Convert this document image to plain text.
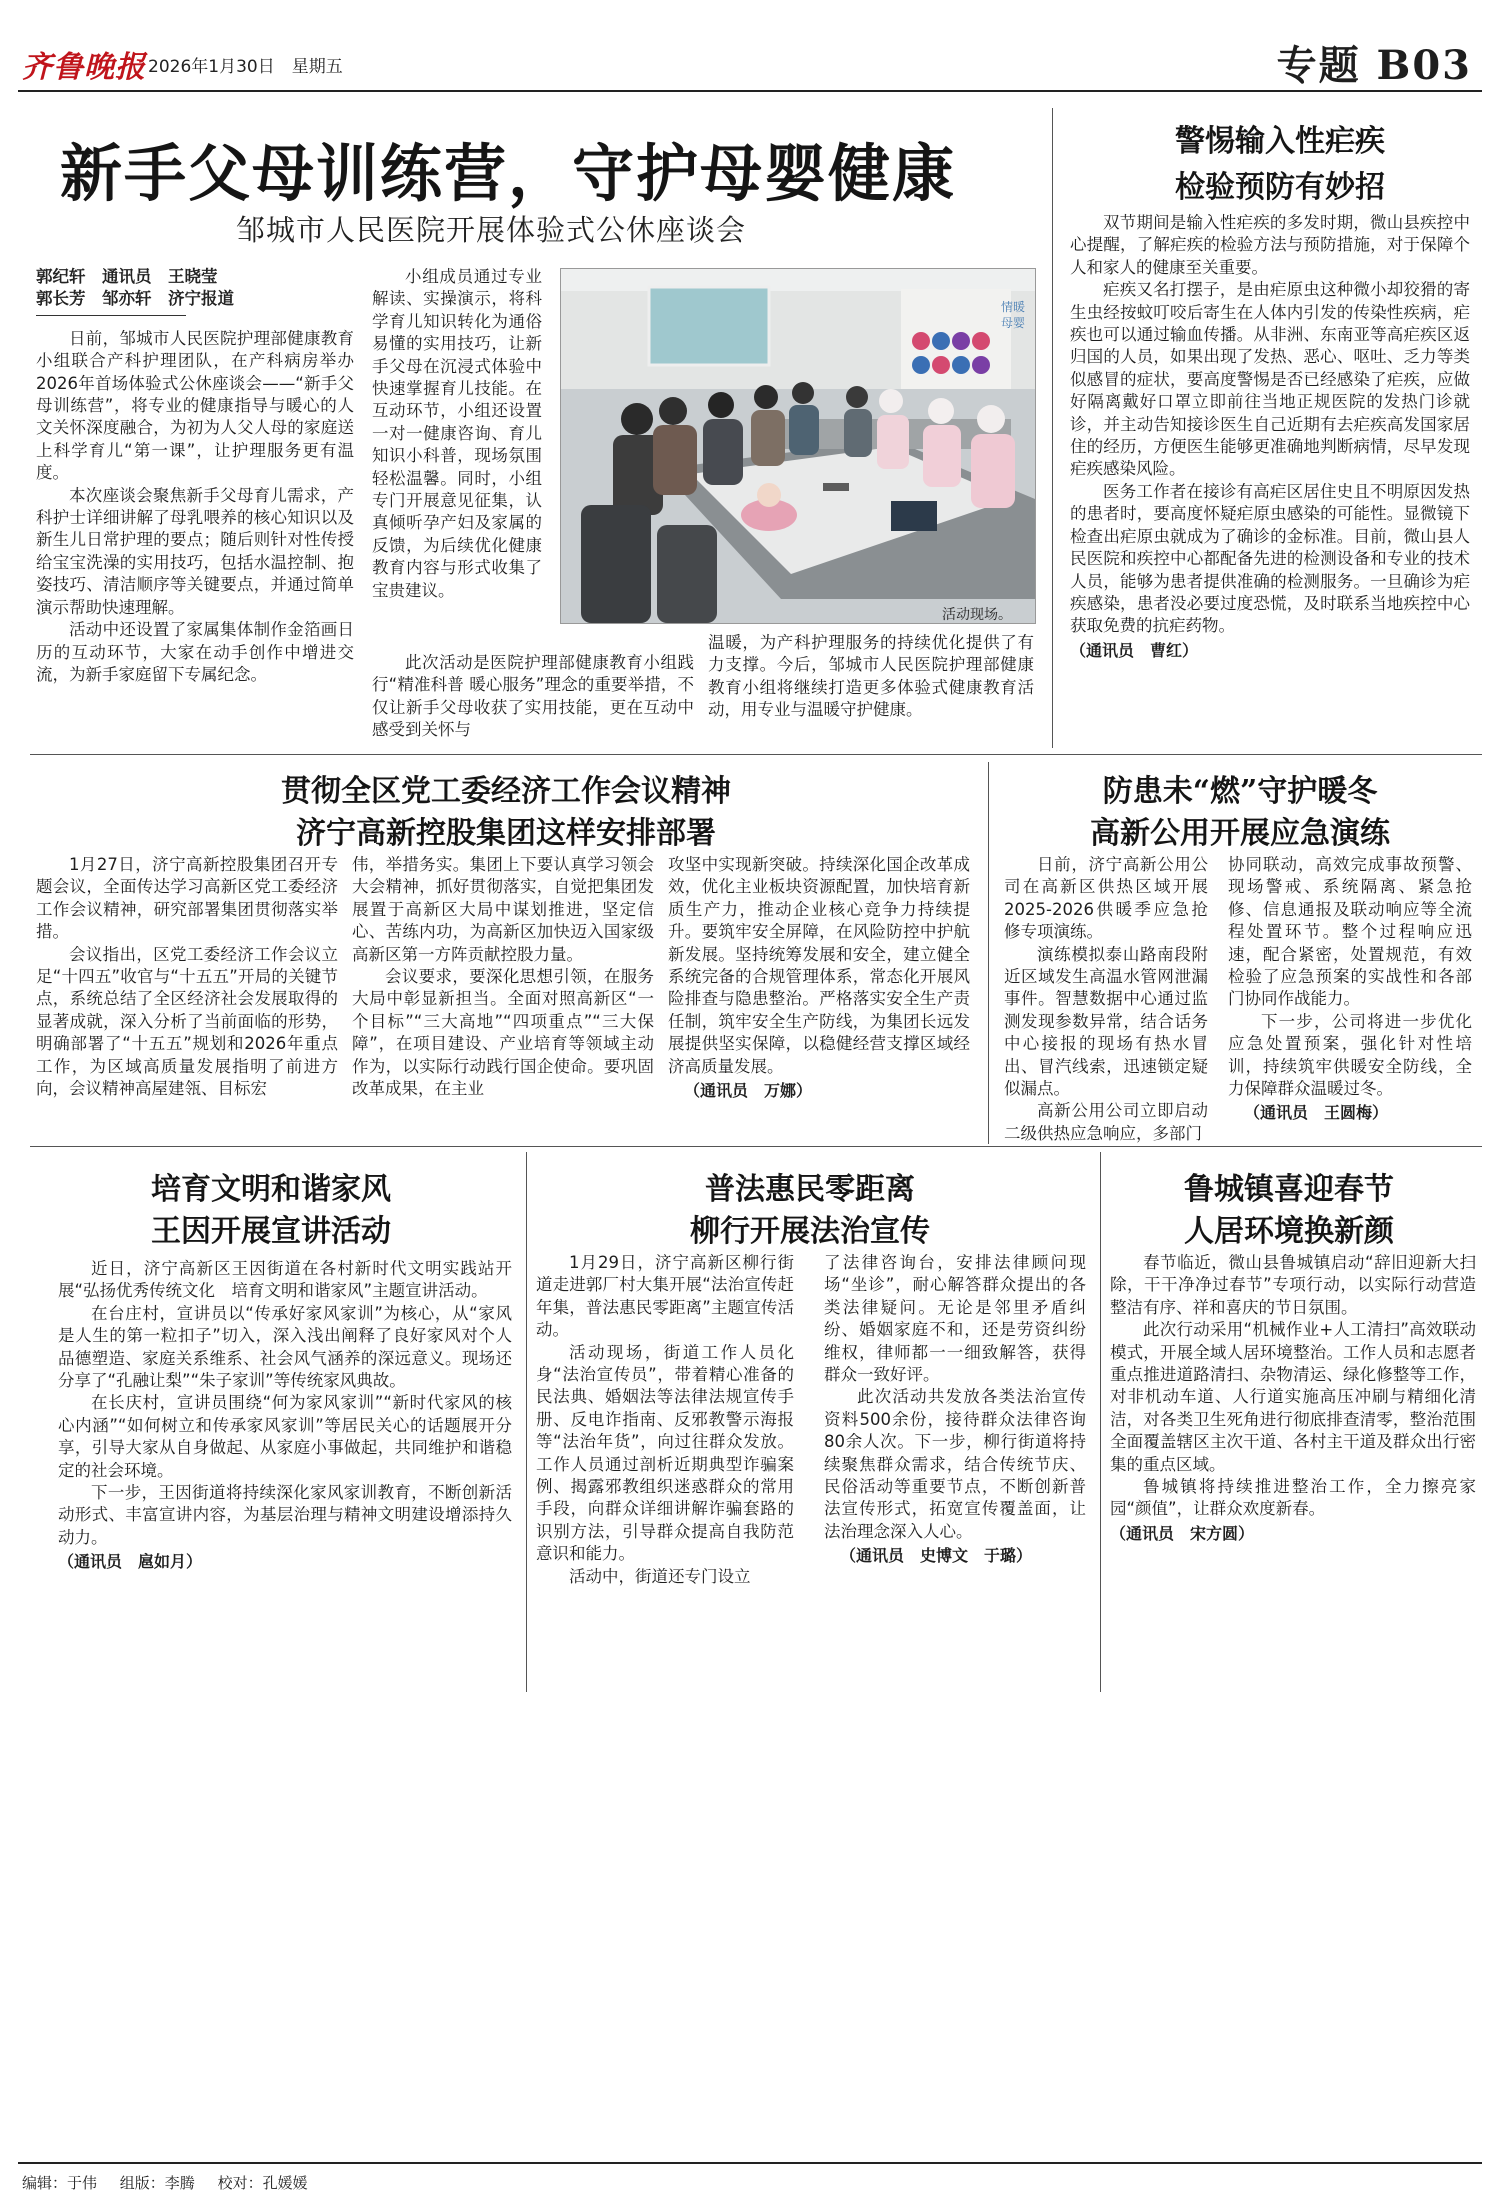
齐鲁晚报 2026年1月30日　星期五	专题 B03
新手父母训练营，守护母婴健康
邹城市人民医院开展体验式公休座谈会
郭纪轩　通讯员　王晓莹
郭长芳　邹亦轩　济宁报道

日前，邹城市人民医院护理部健康教育小组联合产科护理团队，在产科病房举办2026年首场体验式公休座谈会——“新手父母训练营”，将专业的健康指导与暖心的人文关怀深度融合，为初为人父人母的家庭送上科学育儿“第一课”，让护理服务更有温度。

本次座谈会聚焦新手父母育儿需求，产科护士详细讲解了母乳喂养的核心知识以及新生儿日常护理的要点；随后则针对性传授给宝宝洗澡的实用技巧，包括水温控制、抱姿技巧、清洁顺序等关键要点，并通过简单演示帮助快速理解。

活动中还设置了家属集体制作金箔画日历的互动环节，大家在动手创作中增进交流，为新手家庭留下专属纪念。

小组成员通过专业解读、实操演示，将科学育儿知识转化为通俗易懂的实用技巧，让新手父母在沉浸式体验中快速掌握育儿技能。在互动环节，小组还设置一对一健康咨询、育儿知识小科普，现场氛围轻松温馨。同时，小组专门开展意见征集，认真倾听孕产妇及家属的反馈，为后续优化健康教育内容与形式收集了宝贵建议。

此次活动是医院护理部健康教育小组践行“精准科普 暖心服务”理念的重要举措，不仅让新手父母收获了实用技能，更在互动中感受到关怀与

情暖
母婴
活动现场。

温暖，为产科护理服务的持续优化提供了有力支撑。今后，邹城市人民医院护理部健康教育小组将继续打造更多体验式健康教育活动，用专业与温暖守护健康。

警惕输入性疟疾
检验预防有妙招

双节期间是输入性疟疾的多发时期，微山县疾控中心提醒，了解疟疾的检验方法与预防措施，对于保障个人和家人的健康至关重要。

疟疾又名打摆子，是由疟原虫这种微小却狡猾的寄生虫经按蚊叮咬后寄生在人体内引发的传染性疾病，疟疾也可以通过输血传播。从非洲、东南亚等高疟疾区返归国的人员，如果出现了发热、恶心、呕吐、乏力等类似感冒的症状，要高度警惕是否已经感染了疟疾，应做好隔离戴好口罩立即前往当地正规医院的发热门诊就诊，并主动告知接诊医生自己近期有去疟疾高发国家居住的经历，方便医生能够更准确地判断病情，尽早发现疟疾感染风险。

医务工作者在接诊有高疟区居住史且不明原因发热的患者时，要高度怀疑疟原虫感染的可能性。显微镜下检查出疟原虫就成为了确诊的金标准。目前，微山县人民医院和疾控中心都配备先进的检测设备和专业的技术人员，能够为患者提供准确的检测服务。一旦确诊为疟疾感染，患者没必要过度恐慌，及时联系当地疾控中心获取免费的抗疟药物。

（通讯员　曹红）
贯彻全区党工委经济工作会议精神
济宁高新控股集团这样安排部署

1月27日，济宁高新控股集团召开专题会议，全面传达学习高新区党工委经济工作会议精神，研究部署集团贯彻落实举措。

会议指出，区党工委经济工作会议立足“十四五”收官与“十五五”开局的关键节点，系统总结了全区经济社会发展取得的显著成就，深入分析了当前面临的形势，明确部署了“十五五”规划和2026年重点工作，为区域高质量发展指明了前进方向，会议精神高屋建瓴、目标宏

伟，举措务实。集团上下要认真学习领会大会精神，抓好贯彻落实，自觉把集团发展置于高新区大局中谋划推进，坚定信心、苦练内功，为高新区加快迈入国家级高新区第一方阵贡献控股力量。

会议要求，要深化思想引领，在服务大局中彰显新担当。全面对照高新区“一个目标”“三大高地”“四项重点”“三大保障”，在项目建设、产业培育等领域主动作为，以实际行动践行国企使命。要巩固改革成果，在主业

攻坚中实现新突破。持续深化国企改革成效，优化主业板块资源配置，加快培育新质生产力，推动企业核心竞争力持续提升。要筑牢安全屏障，在风险防控中护航新发展。坚持统筹发展和安全，建立健全系统完备的合规管理体系，常态化开展风险排查与隐患整治。严格落实安全生产责任制，筑牢安全生产防线，为集团长远发展提供坚实保障，以稳健经营支撑区域经济高质量发展。

（通讯员　万娜）
防患未“燃”守护暖冬
高新公用开展应急演练

日前，济宁高新公用公司在高新区供热区域开展2025-2026供暖季应急抢修专项演练。

演练模拟泰山路南段附近区域发生高温水管网泄漏事件。智慧数据中心通过监测发现参数异常，结合话务中心接报的现场有热水冒出、冒汽线索，迅速锁定疑似漏点。

高新公用公司立即启动二级供热应急响应，多部门

协同联动，高效完成事故预警、现场警戒、系统隔离、紧急抢修、信息通报及联动响应等全流程处置环节。整个过程响应迅速，配合紧密，处置规范，有效检验了应急预案的实战性和各部门协同作战能力。

下一步，公司将进一步优化应急处置预案，强化针对性培训，持续筑牢供暖安全防线，全力保障群众温暖过冬。

（通讯员　王圆梅）
培育文明和谐家风
王因开展宣讲活动

近日，济宁高新区王因街道在各村新时代文明实践站开展“弘扬优秀传统文化　培育文明和谐家风”主题宣讲活动。

在台庄村，宣讲员以“传承好家风家训”为核心，从“家风是人生的第一粒扣子”切入，深入浅出阐释了良好家风对个人品德塑造、家庭关系维系、社会风气涵养的深远意义。现场还分享了“孔融让梨”“朱子家训”等传统家风典故。

在长庆村，宣讲员围绕“何为家风家训”“新时代家风的核心内涵”“如何树立和传承家风家训”等居民关心的话题展开分享，引导大家从自身做起、从家庭小事做起，共同维护和谐稳定的社会环境。

下一步，王因街道将持续深化家风家训教育，不断创新活动形式、丰富宣讲内容，为基层治理与精神文明建设增添持久动力。

（通讯员　扈如月）
普法惠民零距离
柳行开展法治宣传

1月29日，济宁高新区柳行街道走进郭厂村大集开展“法治宣传赶年集，普法惠民零距离”主题宣传活动。

活动现场，街道工作人员化身“法治宣传员”，带着精心准备的民法典、婚姻法等法律法规宣传手册、反电诈指南、反邪教警示海报等“法治年货”，向过往群众发放。工作人员通过剖析近期典型诈骗案例、揭露邪教组织迷惑群众的常用手段，向群众详细讲解诈骗套路的识别方法，引导群众提高自我防范意识和能力。

活动中，街道还专门设立

了法律咨询台，安排法律顾问现场“坐诊”，耐心解答群众提出的各类法律疑问。无论是邻里矛盾纠纷、婚姻家庭不和，还是劳资纠纷维权，律师都一一细致解答，获得群众一致好评。

此次活动共发放各类法治宣传资料500余份，接待群众法律咨询80余人次。下一步，柳行街道将持续聚焦群众需求，结合传统节庆、民俗活动等重要节点，不断创新普法宣传形式，拓宽宣传覆盖面，让法治理念深入人心。

（通讯员　史博文　于璐）
鲁城镇喜迎春节
人居环境换新颜

春节临近，微山县鲁城镇启动“辞旧迎新大扫除，干干净净过春节”专项行动，以实际行动营造整洁有序、祥和喜庆的节日氛围。

此次行动采用“机械作业+人工清扫”高效联动模式，开展全域人居环境整治。工作人员和志愿者重点推进道路清扫、杂物清运、绿化修整等工作，对非机动车道、人行道实施高压冲刷与精细化清洁，对各类卫生死角进行彻底排查清零，整治范围全面覆盖辖区主次干道、各村主干道及群众出行密集的重点区域。

鲁城镇将持续推进整治工作，全力擦亮家园“颜值”，让群众欢度新春。

（通讯员　宋方圆）
编辑：于伟 组版：李腾 校对：孔媛媛
